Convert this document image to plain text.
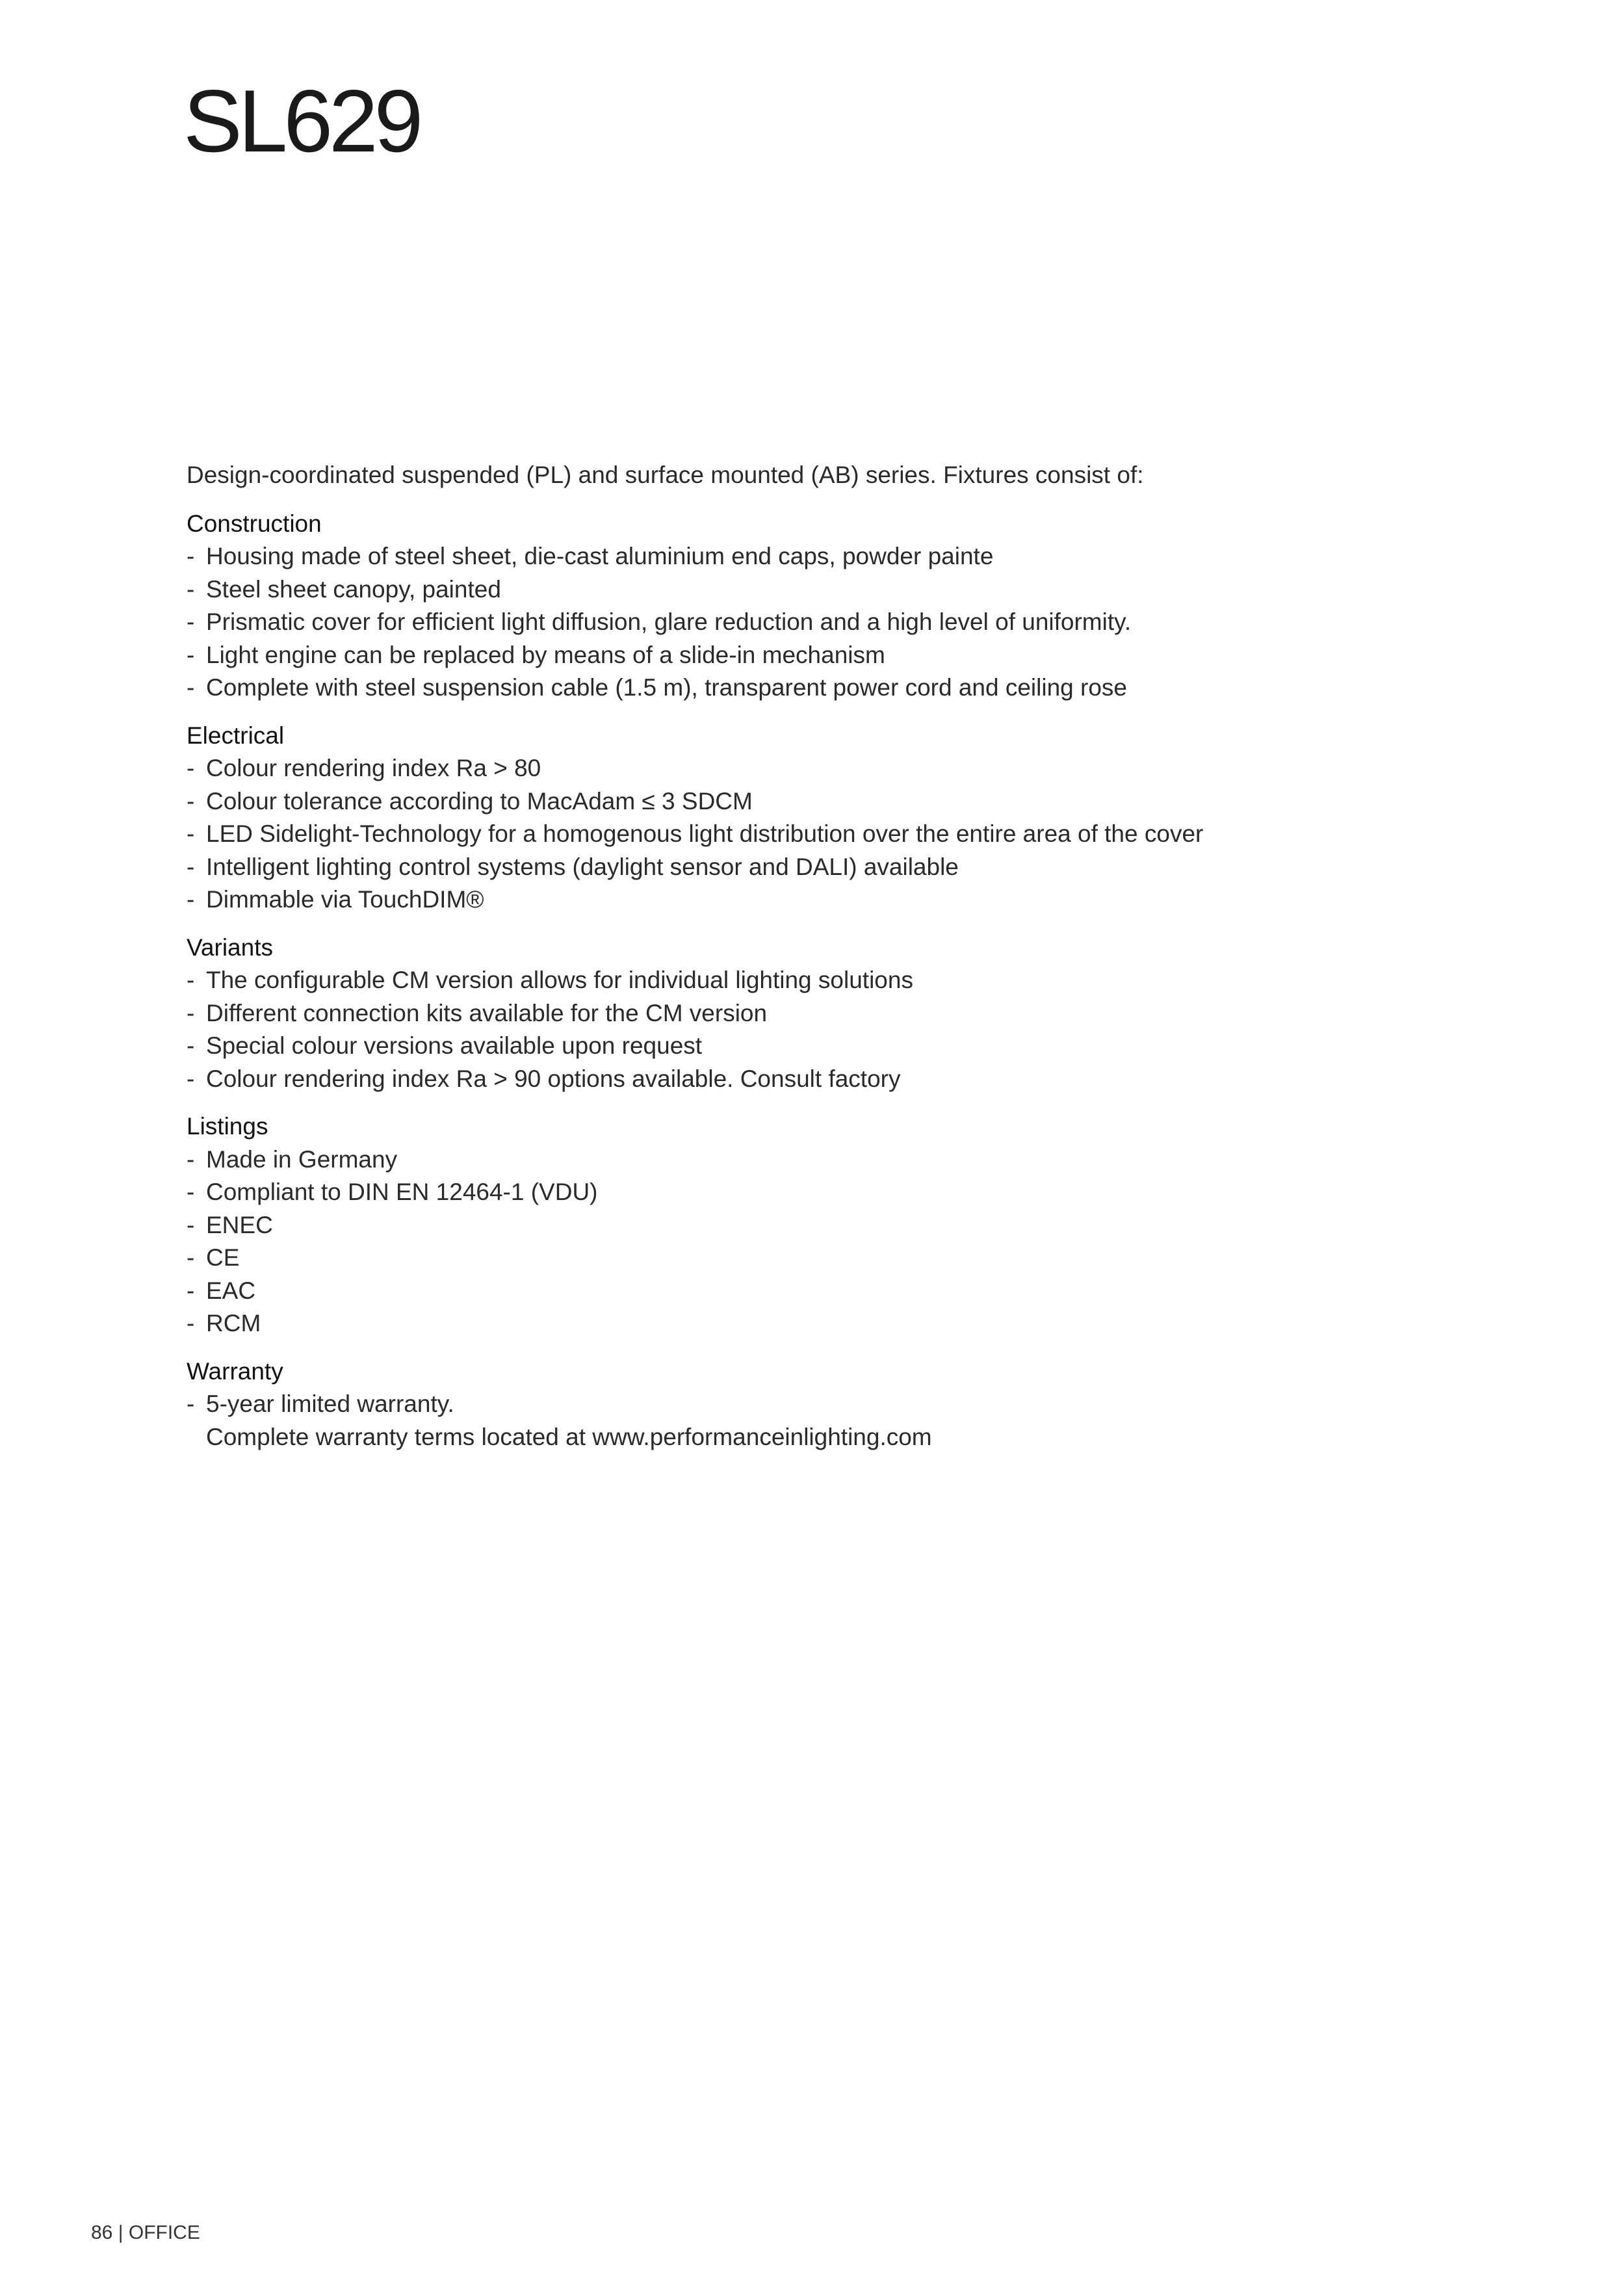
SL629

Design-coordinated suspended (PL) and surface mounted (AB) series. Fixtures consist of:

Construction
- Housing made of steel sheet, die-cast aluminium end caps, powder painte
- Steel sheet canopy, painted
- Prismatic cover for efficient light diffusion, glare reduction and a high level of uniformity.
- Light engine can be replaced by means of a slide-in mechanism
- Complete with steel suspension cable (1.5 m), transparent power cord and ceiling rose
Electrical
- Colour rendering index Ra > 80
- Colour tolerance according to MacAdam ≤ 3 SDCM
- LED Sidelight-Technology for a homogenous light distribution over the entire area of the cover
- Intelligent lighting control systems (daylight sensor and DALI) available
- Dimmable via TouchDIM®
Variants
- The configurable CM version allows for individual lighting solutions
- Different connection kits available for the CM version
- Special colour versions available upon request
- Colour rendering index Ra > 90 options available. Consult factory
Listings
- Made in Germany
- Compliant to DIN EN 12464-1 (VDU)
- ENEC
- CE
- EAC
- RCM
Warranty
- 5-year limited warranty.

Complete warranty terms located at www.performanceinlighting.com

86 | OFFICE
